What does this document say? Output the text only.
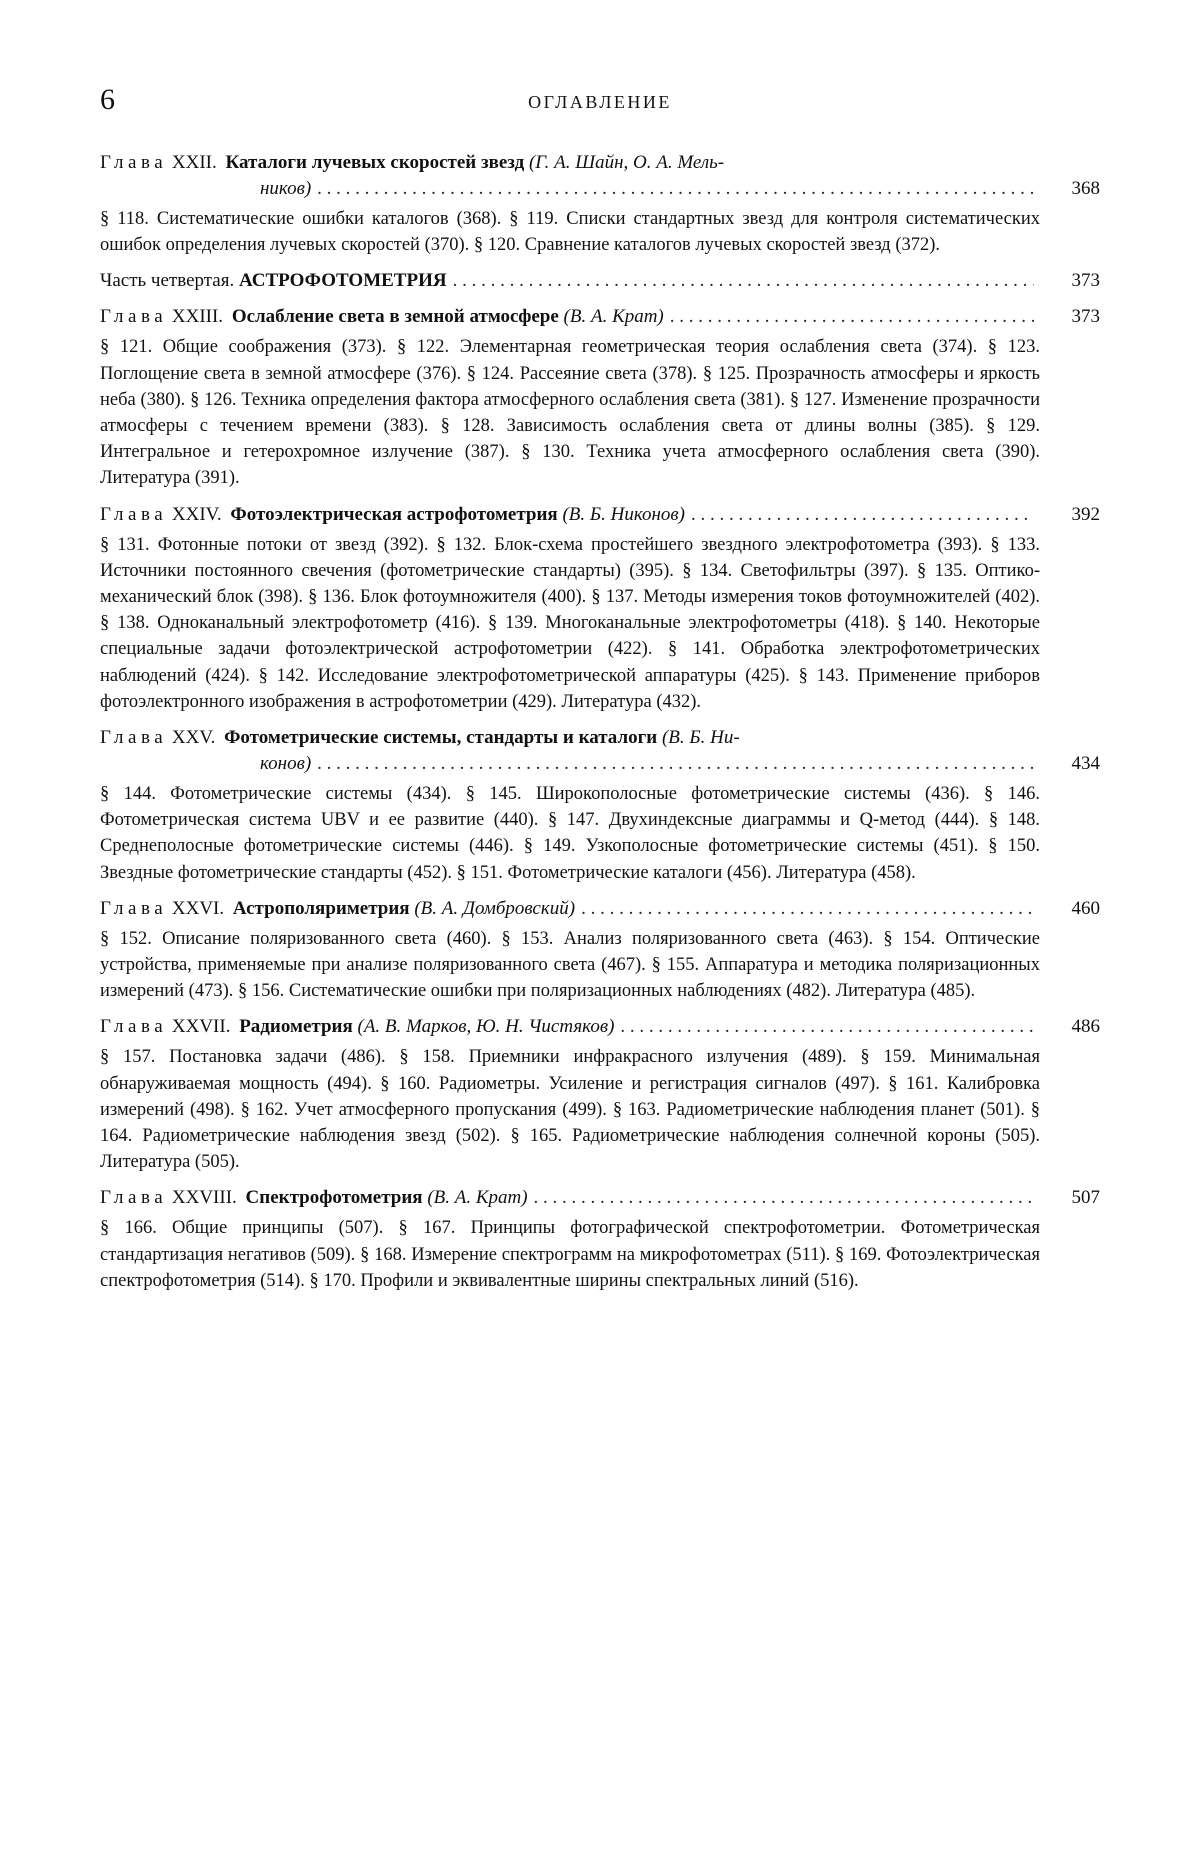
6	ОГЛАВЛЕНИЕ
Глава XXII. Каталоги лучевых скоростей звезд (Г. А. Шайн, О. А. Мель-
ников) . . .	368
§ 118. Систематические ошибки каталогов (368). § 119. Списки стандартных звезд для контроля систематических ошибок определения лучевых скоростей (370). § 120. Сравнение каталогов лучевых скоростей звезд (372).
Часть четвертая. АСТРОФОТОМЕТРИЯ . . .	373
Глава XXIII. Ослабление света в земной атмосфере (В. А. Крат) . . .	373
§ 121. Общие соображения (373). § 122. Элементарная геометрическая теория ослабления света (374). § 123. Поглощение света в земной атмосфере (376). § 124. Рассеяние света (378). § 125. Прозрачность атмосферы и яркость неба (380). § 126. Техника определения фактора атмосферного ослабления света (381). § 127. Изменение прозрачности атмосферы с течением времени (383). § 128. Зависимость ослабления света от длины волны (385). § 129. Интегральное и гетерохромное излучение (387). § 130. Техника учета атмосферного ослабления света (390). Литература (391).
Глава XXIV. Фотоэлектрическая астрофотометрия (В. Б. Никонов) . . .	392
§ 131. Фотонные потоки от звезд (392). § 132. Блок-схема простейшего звездного электрофотометра (393). § 133. Источники постоянного свечения (фотометрические стандарты) (395). § 134. Светофильтры (397). § 135. Оптико-механический блок (398). § 136. Блок фотоумножителя (400). § 137. Методы измерения токов фотоумножителей (402). § 138. Одноканальный электрофотометр (416). § 139. Многоканальные электрофотометры (418). § 140. Некоторые специальные задачи фотоэлектрической астрофотометрии (422). § 141. Обработка электрофотометрических наблюдений (424). § 142. Исследование электрофотометрической аппаратуры (425). § 143. Применение приборов фотоэлектронного изображения в астрофотометрии (429). Литература (432).
Глава XXV. Фотометрические системы, стандарты и каталоги (В. Б. Ни-
конов) . . .	434
§ 144. Фотометрические системы (434). § 145. Широкополосные фотометрические системы (436). § 146. Фотометрическая система UBV и ее развитие (440). § 147. Двухиндексные диаграммы и Q-метод (444). § 148. Среднеполосные фотометрические системы (446). § 149. Узкополосные фотометрические системы (451). § 150. Звездные фотометрические стандарты (452). § 151. Фотометрические каталоги (456). Литература (458).
Глава XXVI. Астрополяриметрия (В. А. Домбровский) . . .	460
§ 152. Описание поляризованного света (460). § 153. Анализ поляризованного света (463). § 154. Оптические устройства, применяемые при анализе поляризованного света (467). § 155. Аппаратура и методика поляризационных измерений (473). § 156. Систематические ошибки при поляризационных наблюдениях (482). Литература (485).
Глава XXVII. Радиометрия (А. В. Марков, Ю. Н. Чистяков) . . .	486
§ 157. Постановка задачи (486). § 158. Приемники инфракрасного излучения (489). § 159. Минимальная обнаруживаемая мощность (494). § 160. Радиометры. Усиление и регистрация сигналов (497). § 161. Калибровка измерений (498). § 162. Учет атмосферного пропускания (499). § 163. Радиометрические наблюдения планет (501). § 164. Радиометрические наблюдения звезд (502). § 165. Радиометрические наблюдения солнечной короны (505). Литература (505).
Глава XXVIII. Спектрофотометрия (В. А. Крат) . . .	507
§ 166. Общие принципы (507). § 167. Принципы фотографической спектрофотометрии. Фотометрическая стандартизация негативов (509). § 168. Измерение спектрограмм на микрофотометрах (511). § 169. Фотоэлектрическая спектрофотометрия (514). § 170. Профили и эквивалентные ширины спектральных линий (516).
